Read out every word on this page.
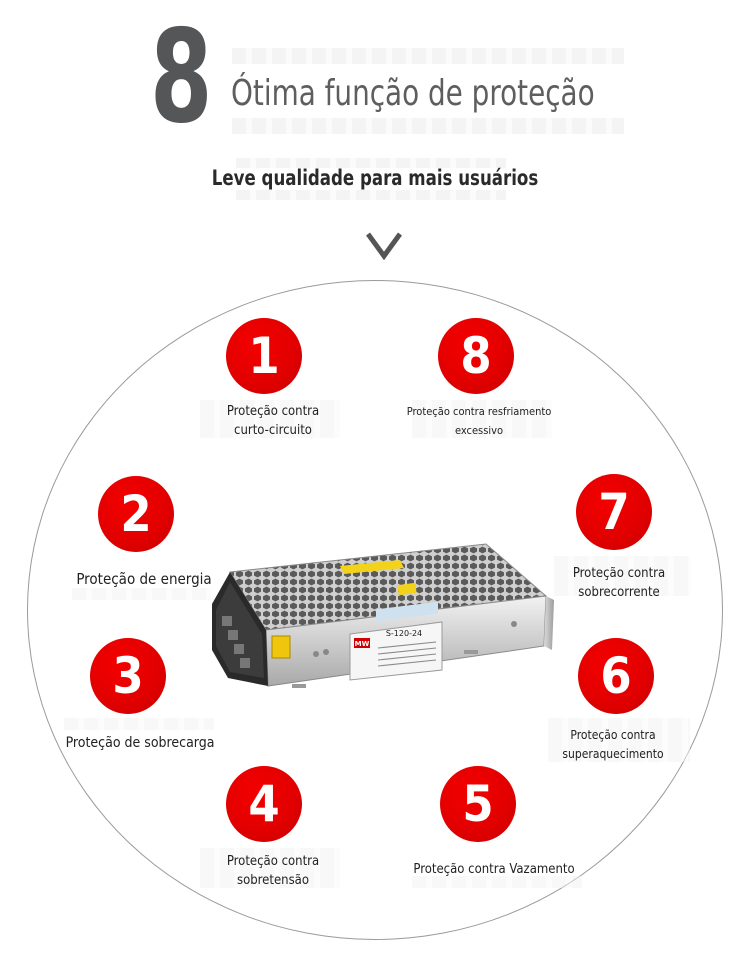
8 Ótima função de proteção
Leve qualidade para mais usuários
1
Proteção contra
curto-circuito
8
Proteção contra resfriamento
excessivo
2
Proteção de energia
7
Proteção contra
sobrecorrente
3
Proteção de sobrecarga
6
Proteção contra
superaquecimento
4
Proteção contra
sobretensão
5
Proteção contra Vazamento
MW
S-120-24
